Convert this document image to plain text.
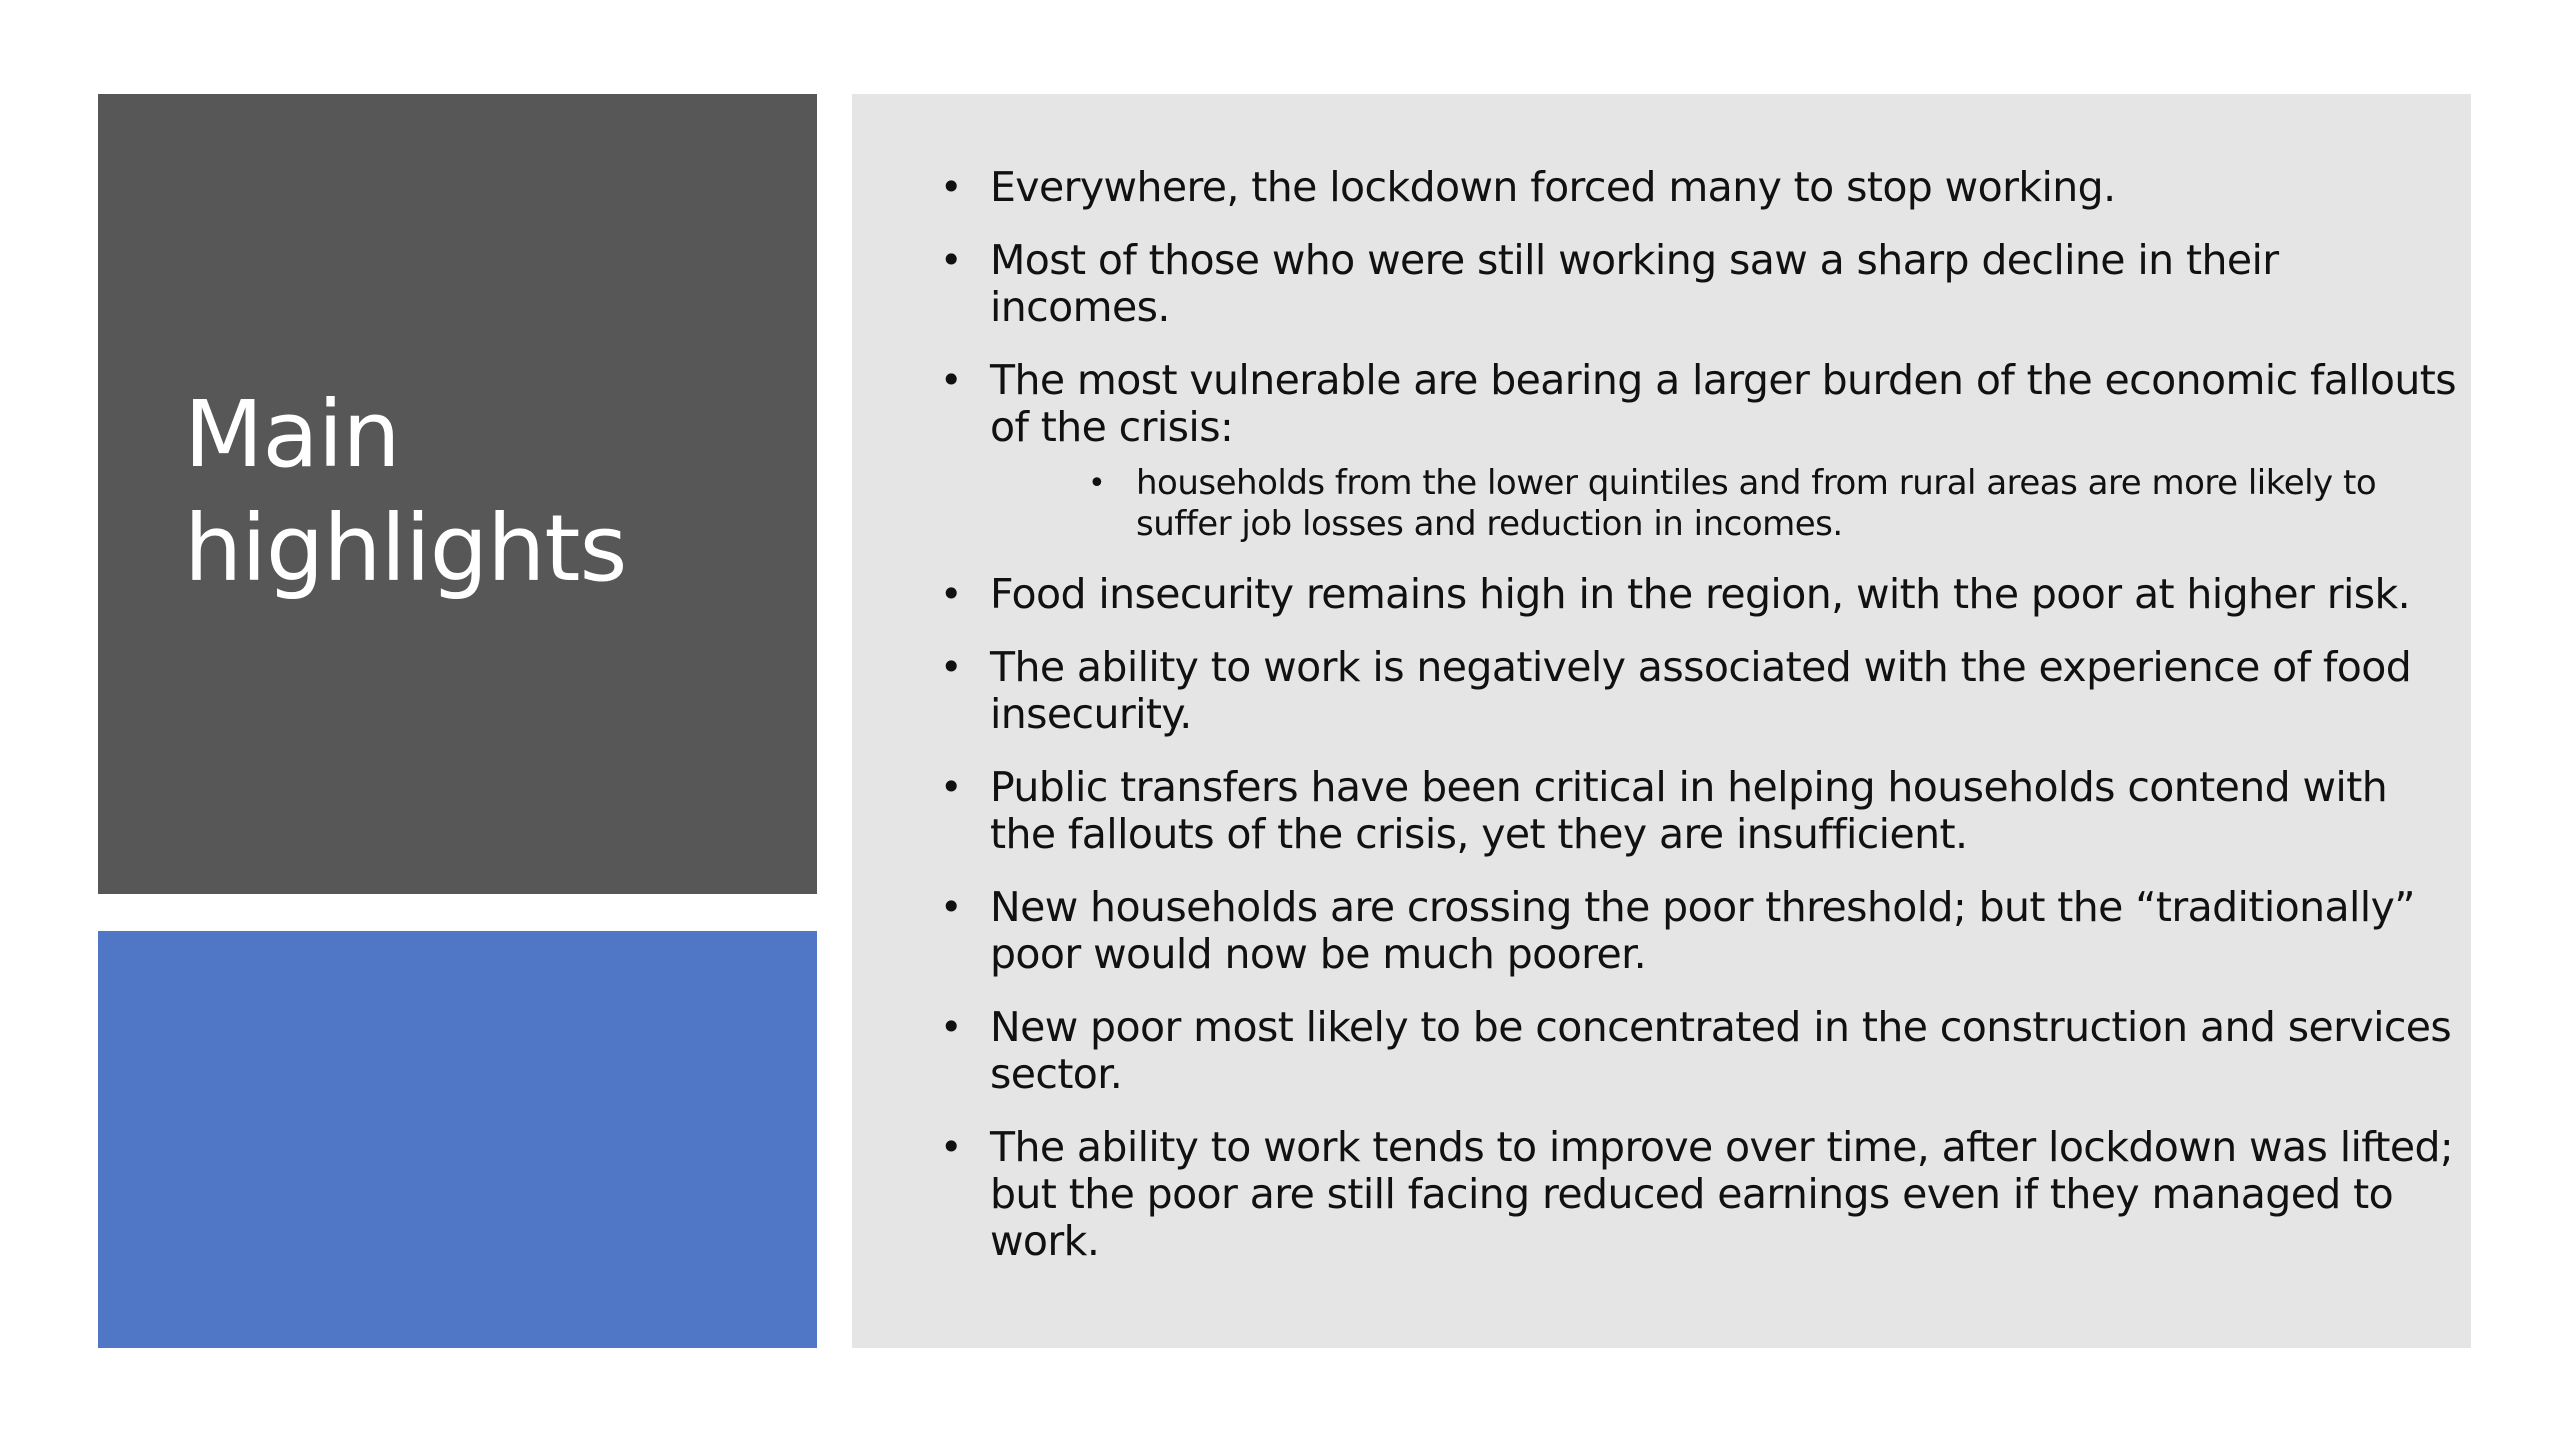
Main
highlights
• Everywhere, the lockdown forced many to stop working.
• Most of those who were still working saw a sharp decline in their incomes.
• The most vulnerable are bearing a larger burden of the economic fallouts of the crisis:
• households from the lower quintiles and from rural areas are more likely to suffer job losses and reduction in incomes.
• Food insecurity remains high in the region, with the poor at higher risk.
• The ability to work is negatively associated with the experience of food insecurity.
• Public transfers have been critical in helping households contend with the fallouts of the crisis, yet they are insufficient.
• New households are crossing the poor threshold; but the “traditionally” poor would now be much poorer.
• New poor most likely to be concentrated in the construction and services sector.
• The ability to work tends to improve over time, after lockdown was lifted; but the poor are still facing reduced earnings even if they managed to work.
